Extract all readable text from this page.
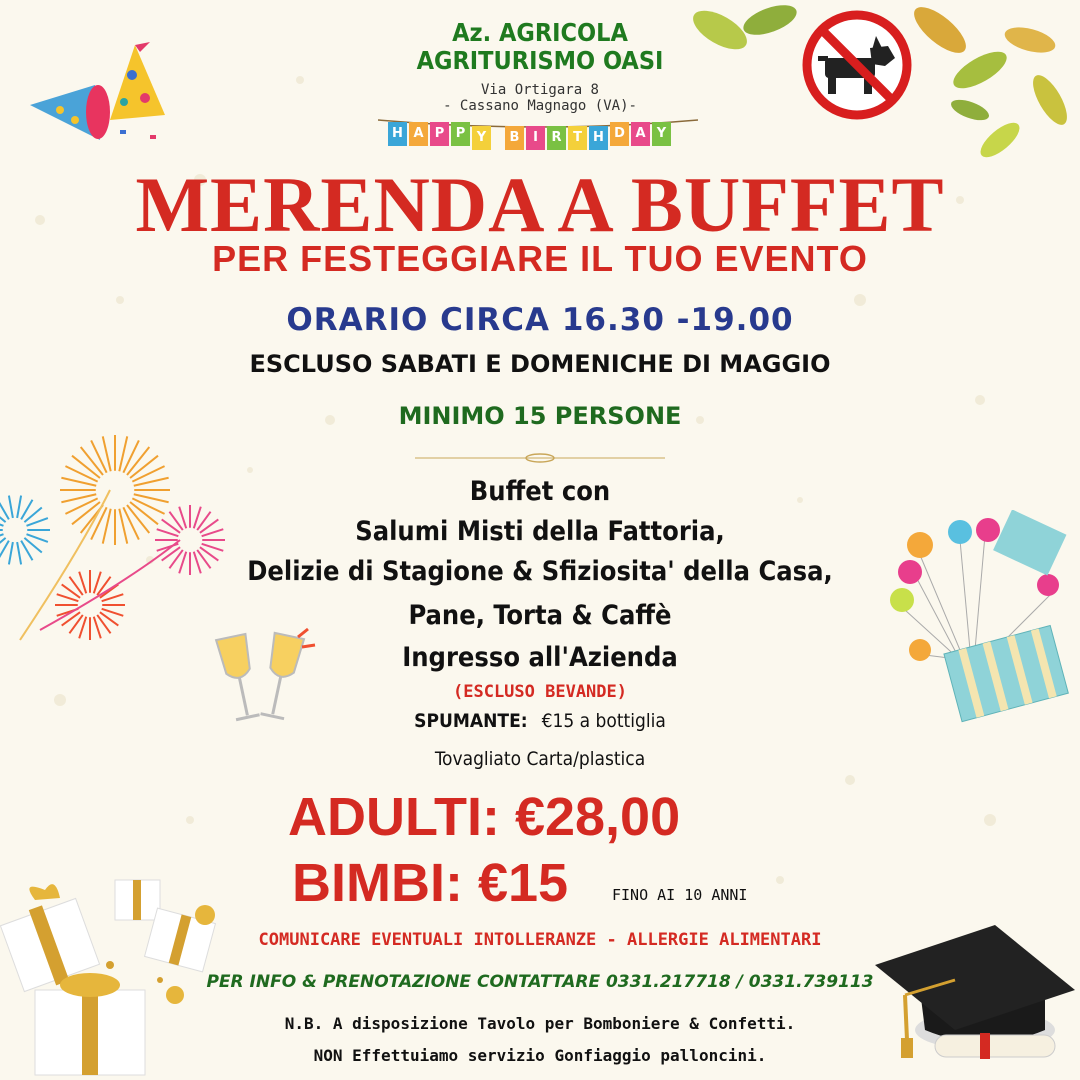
Az. AGRICOLA
AGRITURISMO OASI
Via Ortigara 8
- Cassano Magnago (VA)-
H A P P Y	B	I	R T H D A Y
MERENDA A BUFFET
PER FESTEGGIARE IL TUO EVENTO
ORARIO CIRCA 16.30 -19.00
ESCLUSO SABATI E DOMENICHE DI MAGGIO
MINIMO 15 PERSONE
Buffet con
Salumi Misti della Fattoria,
Delizie di Stagione & Sfiziosita' della Casa,
Pane, Torta & Caffè
Ingresso all'Azienda
(ESCLUSO BEVANDE)
SPUMANTE: €15 a bottiglia
Tovagliato Carta/plastica
ADULTI: €28,00
BIMBI: €15	FINO AI 10 ANNI
COMUNICARE EVENTUALI INTOLLERANZE - ALLERGIE ALIMENTARI
PER INFO & PRENOTAZIONE CONTATTARE 0331.217718 / 0331.739113
N.B. A disposizione Tavolo per Bomboniere & Confetti.
NON Effettuiamo servizio Gonfiaggio palloncini.
